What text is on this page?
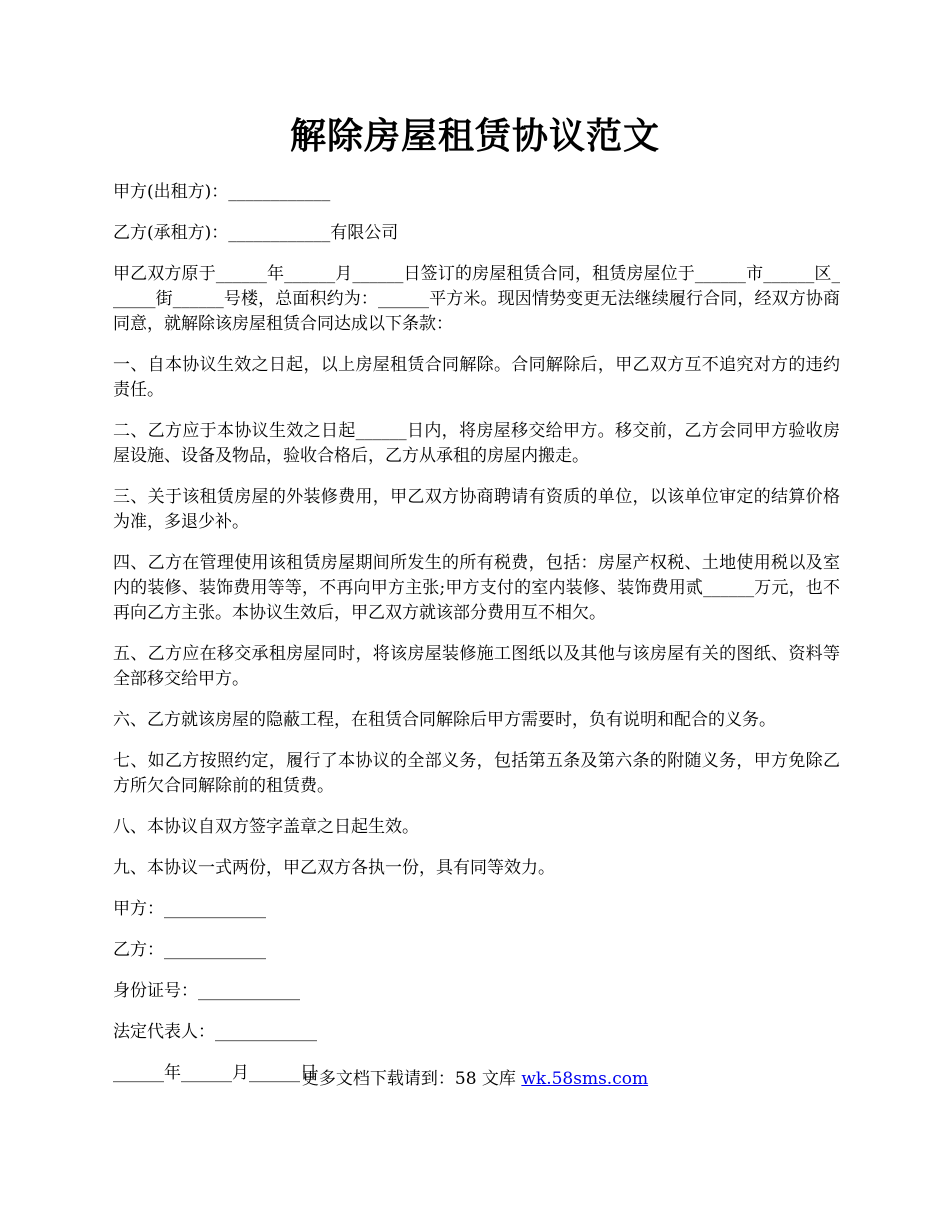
解除房屋租赁协议范文

甲方(出租方)：____________

乙方(承租方)：____________有限公司

甲乙双方原于______年______月______日签订的房屋租赁合同，租赁房屋位于______市______区______街______号楼，总面积约为：______平方米。现因情势变更无法继续履行合同，经双方协商同意，就解除该房屋租赁合同达成以下条款：

一、自本协议生效之日起，以上房屋租赁合同解除。合同解除后，甲乙双方互不追究对方的违约责任。

二、乙方应于本协议生效之日起______日内，将房屋移交给甲方。移交前，乙方会同甲方验收房屋设施、设备及物品，验收合格后，乙方从承租的房屋内搬走。

三、关于该租赁房屋的外装修费用，甲乙双方协商聘请有资质的单位，以该单位审定的结算价格为准，多退少补。

四、乙方在管理使用该租赁房屋期间所发生的所有税费，包括：房屋产权税、土地使用税以及室内的装修、装饰费用等等，不再向甲方主张;甲方支付的室内装修、装饰费用贰______万元，也不再向乙方主张。本协议生效后，甲乙双方就该部分费用互不相欠。

五、乙方应在移交承租房屋同时，将该房屋装修施工图纸以及其他与该房屋有关的图纸、资料等全部移交给甲方。

六、乙方就该房屋的隐蔽工程，在租赁合同解除后甲方需要时，负有说明和配合的义务。

七、如乙方按照约定，履行了本协议的全部义务，包括第五条及第六条的附随义务，甲方免除乙方所欠合同解除前的租赁费。

八、本协议自双方签字盖章之日起生效。

九、本协议一式两份，甲乙双方各执一份，具有同等效力。

甲方：____________

乙方：____________

身份证号：____________

法定代表人：____________

______年______月______日

更多文档下载请到：58 文库 wk.58sms.com
